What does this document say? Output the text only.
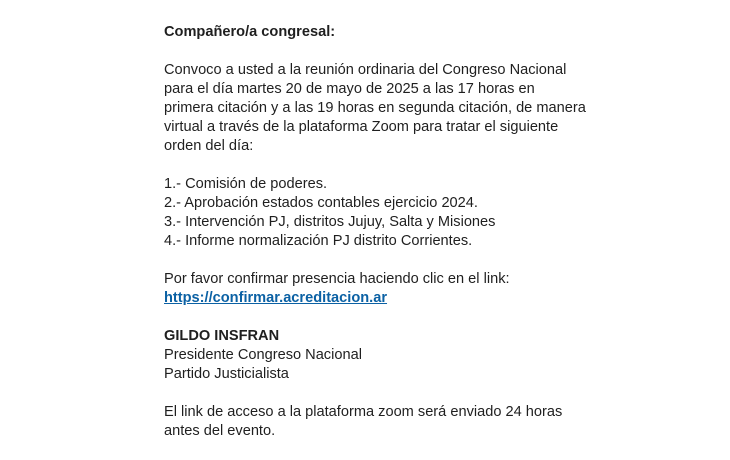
Compañero/a congresal:
Convoco a usted a la reunión ordinaria del Congreso Nacional
para el día martes 20 de mayo de 2025 a las 17 horas en
primera citación y a las 19 horas en segunda citación, de manera
virtual a través de la plataforma Zoom para tratar el siguiente
orden del día:
1.- Comisión de poderes.
2.- Aprobación estados contables ejercicio 2024.
3.- Intervención PJ, distritos Jujuy, Salta y Misiones
4.- Informe normalización PJ distrito Corrientes.
Por favor confirmar presencia haciendo clic en el link:
https://confirmar.acreditacion.ar
GILDO INSFRAN
Presidente Congreso Nacional
Partido Justicialista
El link de acceso a la plataforma zoom será enviado 24 horas
antes del evento.
